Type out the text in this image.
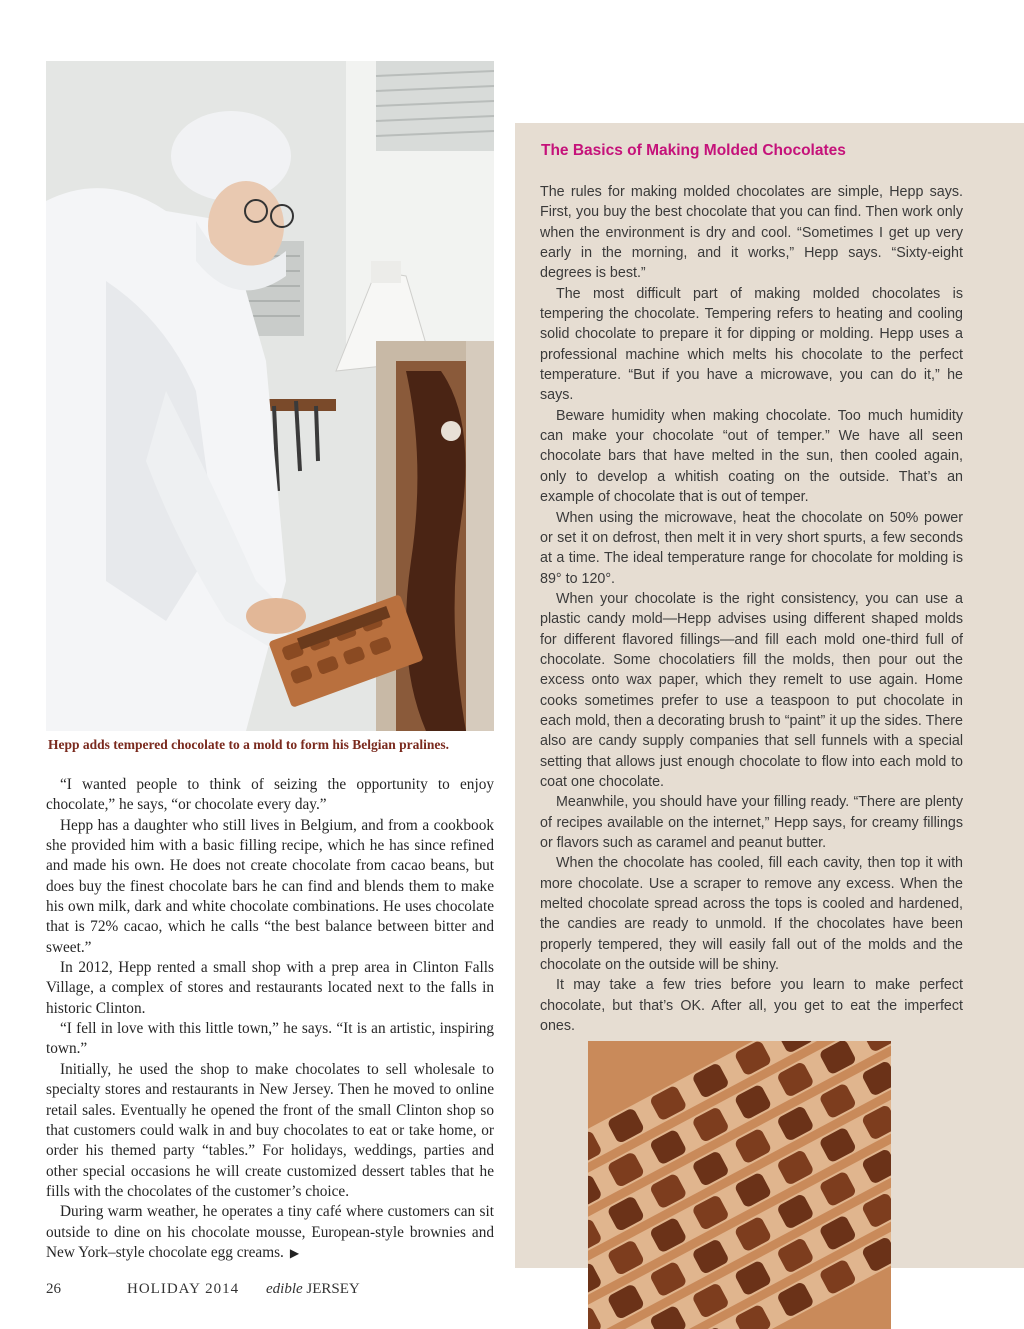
Hepp adds tempered chocolate to a mold to form his Belgian pralines.

“I wanted people to think of seizing the opportunity to enjoy chocolate,” he says, “or chocolate every day.”

Hepp has a daughter who still lives in Belgium, and from a cookbook she provided him with a basic filling recipe, which he has since refined and made his own. He does not create chocolate from cacao beans, but does buy the finest chocolate bars he can find and blends them to make his own milk, dark and white chocolate combinations. He uses chocolate that is 72% cacao, which he calls “the best balance between bitter and sweet.”

In 2012, Hepp rented a small shop with a prep area in Clinton Falls Village, a complex of stores and restaurants located next to the falls in historic Clinton.

“I fell in love with this little town,” he says. “It is an artistic, inspiring town.”

Initially, he used the shop to make chocolates to sell wholesale to specialty stores and restaurants in New Jersey. Then he moved to online retail sales. Eventually he opened the front of the small Clinton shop so that customers could walk in and buy chocolates to eat or take home, or order his themed party “tables.” For holidays, weddings, parties and other special occasions he will create customized dessert tables that he fills with the chocolates of the customer’s choice.

During warm weather, he operates a tiny café where customers can sit outside to dine on his chocolate mousse, European-style brownies and New York–style chocolate egg creams. ▶

26	HOLIDAY 2014 edible JERSEY
The Basics of Making Molded Chocolates

The rules for making molded chocolates are simple, Hepp says. First, you buy the best chocolate that you can find. Then work only when the environment is dry and cool. “Sometimes I get up very early in the morning, and it works,” Hepp says. “Sixty-eight degrees is best.”

The most difficult part of making molded chocolates is tempering the chocolate. Tempering refers to heating and cooling solid chocolate to prepare it for dipping or molding. Hepp uses a professional machine which melts his chocolate to the perfect temperature. “But if you have a microwave, you can do it,” he says.

Beware humidity when making chocolate. Too much humidity can make your chocolate “out of temper.” We have all seen chocolate bars that have melted in the sun, then cooled again, only to develop a whitish coating on the outside. That’s an example of chocolate that is out of temper.

When using the microwave, heat the chocolate on 50% power or set it on defrost, then melt it in very short spurts, a few seconds at a time. The ideal temperature range for chocolate for molding is 89° to 120°.

When your chocolate is the right consistency, you can use a plastic candy mold—Hepp advises using different shaped molds for different flavored fillings—and fill each mold one-third full of chocolate. Some chocolatiers fill the molds, then pour out the excess onto wax paper, which they remelt to use again. Home cooks sometimes prefer to use a teaspoon to put chocolate in each mold, then a decorating brush to “paint” it up the sides. There also are candy supply companies that sell funnels with a special setting that allows just enough chocolate to flow into each mold to coat one chocolate.

Meanwhile, you should have your filling ready. “There are plenty of recipes available on the internet,” Hepp says, for creamy fillings or flavors such as caramel and peanut butter.

When the chocolate has cooled, fill each cavity, then top it with more chocolate. Use a scraper to remove any excess. When the melted chocolate spread across the tops is cooled and hardened, the candies are ready to unmold. If the chocolates have been properly tempered, they will easily fall out of the molds and the chocolate on the outside will be shiny.

It may take a few tries before you learn to make perfect chocolate, but that’s OK. After all, you get to eat the imperfect ones.
